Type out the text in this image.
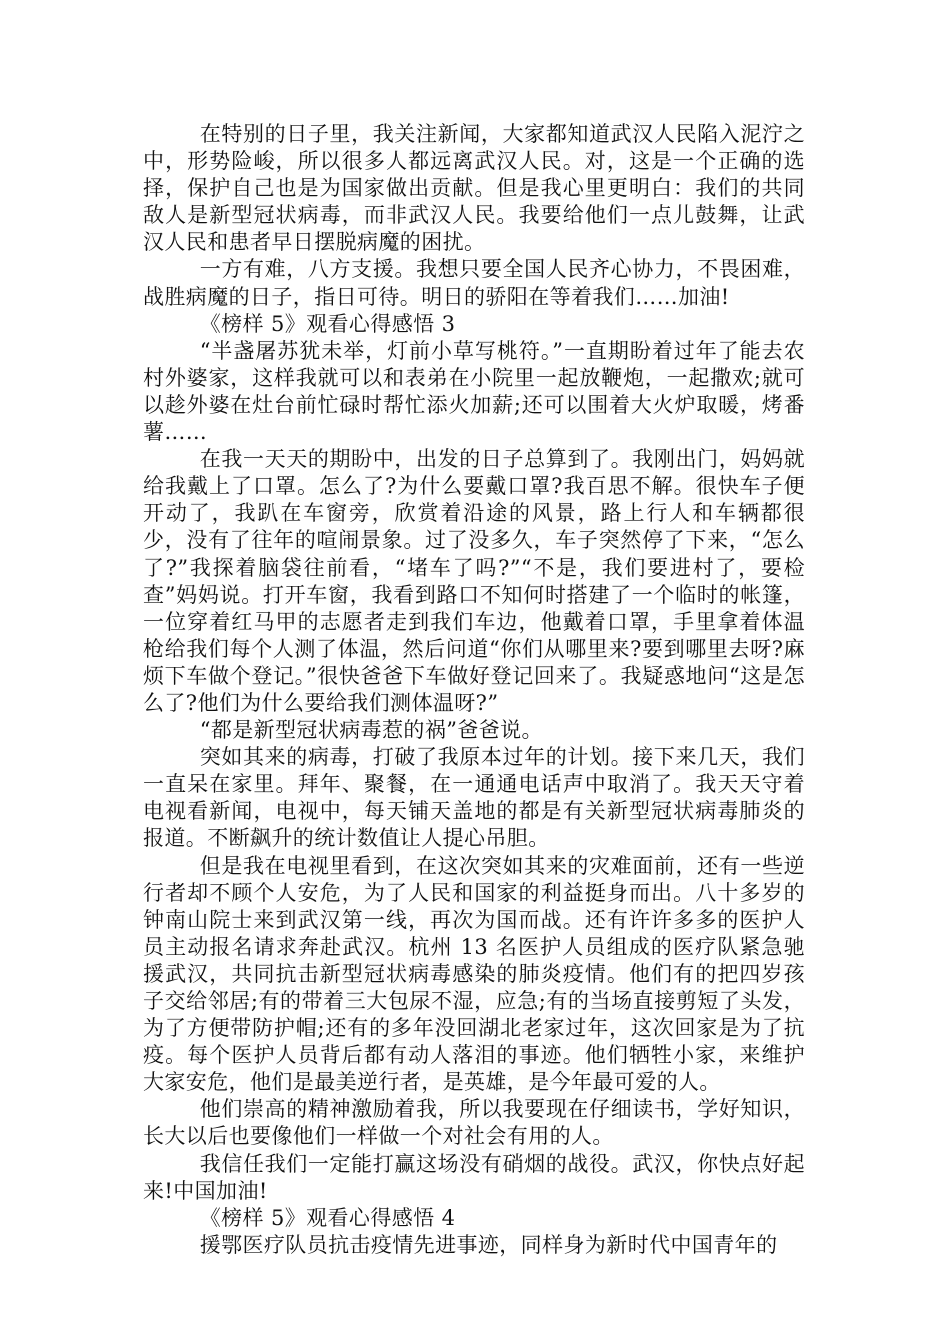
在特别的日子里，我关注新闻，大家都知道武汉人民陷入泥泞之中，形势险峻，所以很多人都远离武汉人民。对，这是一个正确的选择，保护自己也是为国家做出贡献。但是我心里更明白：我们的共同敌人是新型冠状病毒，而非武汉人民。我要给他们一点儿鼓舞，让武汉人民和患者早日摆脱病魔的困扰。

一方有难，八方支援。我想只要全国人民齐心协力，不畏困难，战胜病魔的日子，指日可待。明日的骄阳在等着我们……加油!

《榜样 5》观看心得感悟 3

“半盏屠苏犹未举，灯前小草写桃符。”一直期盼着过年了能去农村外婆家，这样我就可以和表弟在小院里一起放鞭炮，一起撒欢;就可以趁外婆在灶台前忙碌时帮忙添火加薪;还可以围着大火炉取暖，烤番薯……

在我一天天的期盼中，出发的日子总算到了。我刚出门，妈妈就给我戴上了口罩。怎么了?为什么要戴口罩?我百思不解。很快车子便开动了，我趴在车窗旁，欣赏着沿途的风景，路上行人和车辆都很少，没有了往年的喧闹景象。过了没多久，车子突然停了下来，“怎么了?”我探着脑袋往前看，“堵车了吗?”“不是，我们要进村了，要检查”妈妈说。打开车窗，我看到路口不知何时搭建了一个临时的帐篷，一位穿着红马甲的志愿者走到我们车边，他戴着口罩，手里拿着体温枪给我们每个人测了体温，然后问道“你们从哪里来?要到哪里去呀?麻烦下车做个登记。”很快爸爸下车做好登记回来了。我疑惑地问“这是怎么了?他们为什么要给我们测体温呀?”

“都是新型冠状病毒惹的祸”爸爸说。

突如其来的病毒，打破了我原本过年的计划。接下来几天，我们一直呆在家里。拜年、聚餐，在一通通电话声中取消了。我天天守着电视看新闻，电视中，每天铺天盖地的都是有关新型冠状病毒肺炎的报道。不断飙升的统计数值让人提心吊胆。

但是我在电视里看到，在这次突如其来的灾难面前，还有一些逆行者却不顾个人安危，为了人民和国家的利益挺身而出。八十多岁的钟南山院士来到武汉第一线，再次为国而战。还有许许多多的医护人员主动报名请求奔赴武汉。杭州 13 名医护人员组成的医疗队紧急驰援武汉，共同抗击新型冠状病毒感染的肺炎疫情。他们有的把四岁孩子交给邻居;有的带着三大包尿不湿，应急;有的当场直接剪短了头发，为了方便带防护帽;还有的多年没回湖北老家过年，这次回家是为了抗疫。每个医护人员背后都有动人落泪的事迹。他们牺牲小家，来维护大家安危，他们是最美逆行者，是英雄，是今年最可爱的人。

他们崇高的精神激励着我，所以我要现在仔细读书，学好知识，长大以后也要像他们一样做一个对社会有用的人。

我信任我们一定能打赢这场没有硝烟的战役。武汉，你快点好起来!中国加油!

《榜样 5》观看心得感悟 4

援鄂医疗队员抗击疫情先进事迹，同样身为新时代中国青年的
